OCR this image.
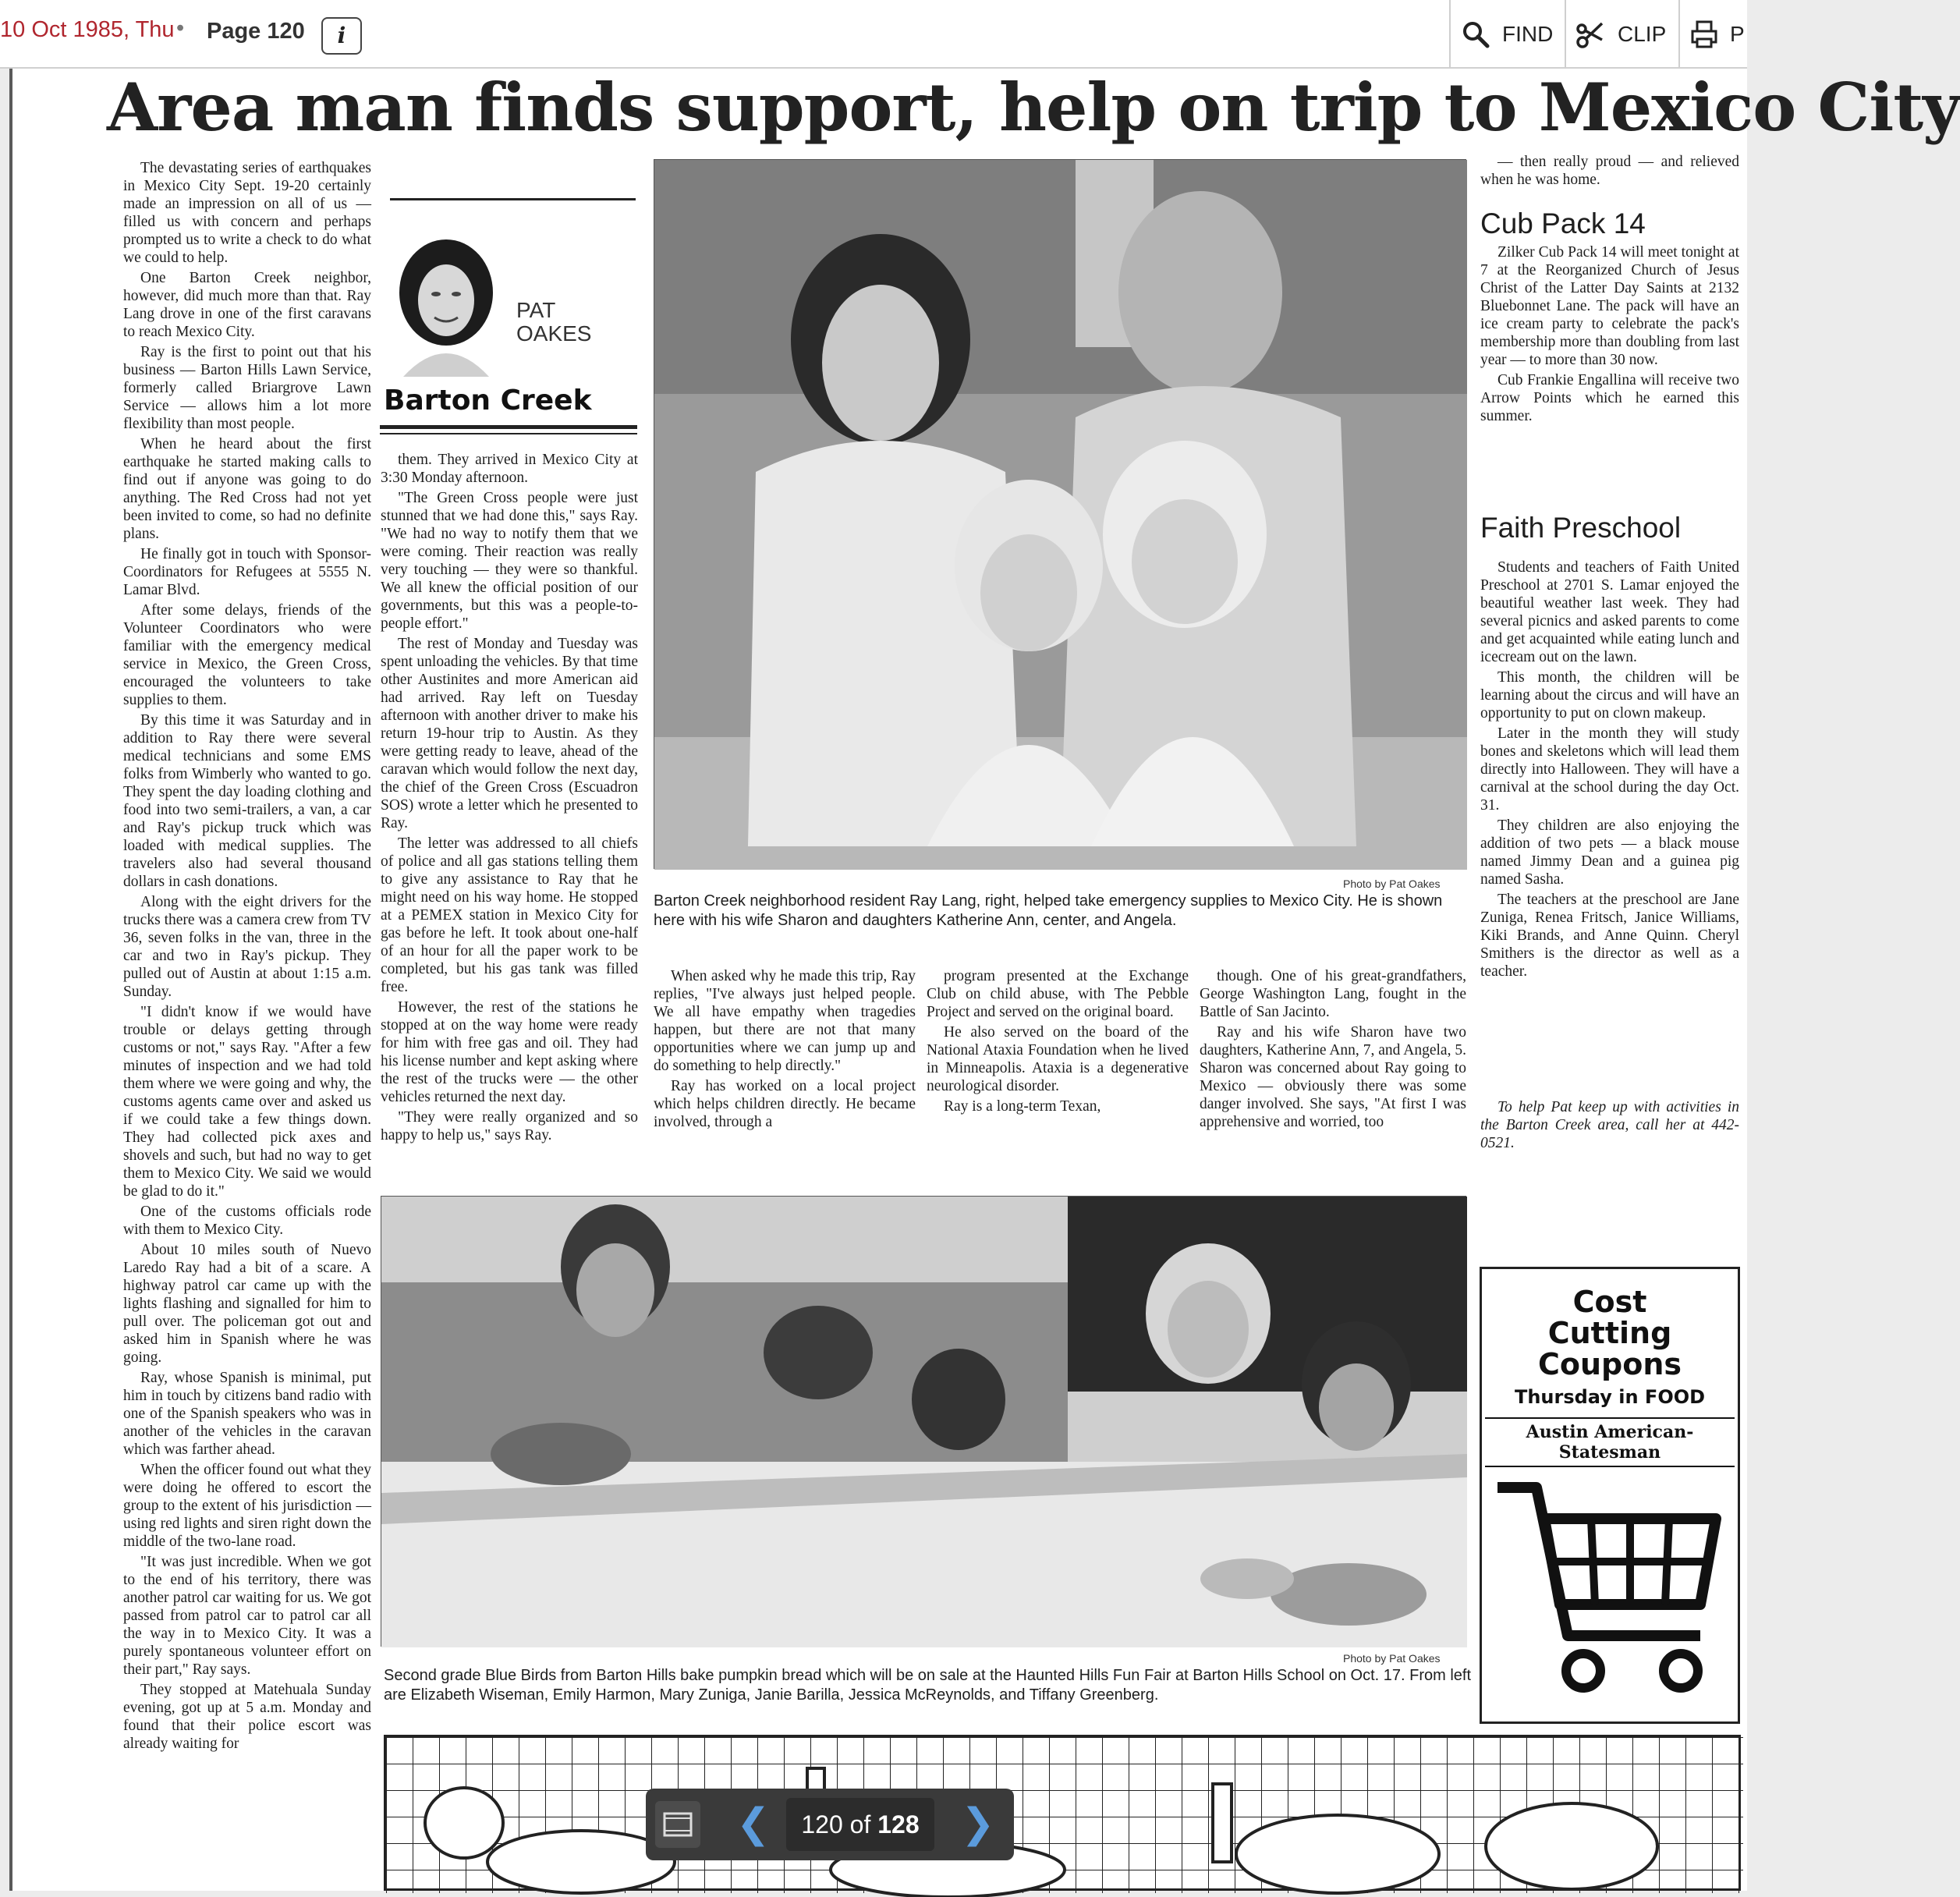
10 Oct 1985, Thu • Page 120	i	FIND	CLIP	P
Area man finds support, help on trip to Mexico City

The devastating series of earthquakes in Mexico City Sept. 19-20 certainly made an impression on all of us — filled us with concern and perhaps prompted us to write a check to do what we could to help.

One Barton Creek neighbor, however, did much more than that. Ray Lang drove in one of the first caravans to reach Mexico City.

Ray is the first to point out that his business — Barton Hills Lawn Service, formerly called Briargrove Lawn Service — allows him a lot more flexibility than most people.

When he heard about the first earthquake he started making calls to find out if anyone was going to do anything. The Red Cross had not yet been invited to come, so had no definite plans.

He finally got in touch with Sponsor-Coordinators for Refugees at 5555 N. Lamar Blvd.

After some delays, friends of the Volunteer Coordinators who were familiar with the emergency medical service in Mexico, the Green Cross, encouraged the volunteers to take supplies to them.

By this time it was Saturday and in addition to Ray there were several medical technicians and some EMS folks from Wimberly who wanted to go. They spent the day loading clothing and food into two semi-trailers, a van, a car and Ray's pickup truck which was loaded with medical supplies. The travelers also had several thousand dollars in cash donations.

Along with the eight drivers for the trucks there was a camera crew from TV 36, seven folks in the van, three in the car and two in Ray's pickup. They pulled out of Austin at about 1:15 a.m. Sunday.

"I didn't know if we would have trouble or delays getting through customs or not," says Ray. "After a few minutes of inspection and we had told them where we were going and why, the customs agents came over and asked us if we could take a few things down. They had collected pick axes and shovels and such, but had no way to get them to Mexico City. We said we would be glad to do it."

One of the customs officials rode with them to Mexico City.

About 10 miles south of Nuevo Laredo Ray had a bit of a scare. A highway patrol car came up with the lights flashing and signalled for him to pull over. The policeman got out and asked him in Spanish where he was going.

Ray, whose Spanish is minimal, put him in touch by citizens band radio with one of the Spanish speakers who was in another of the vehicles in the caravan which was farther ahead.

When the officer found out what they were doing he offered to escort the group to the extent of his jurisdiction — using red lights and siren right down the middle of the two-lane road.

"It was just incredible. When we got to the end of his territory, there was another patrol car waiting for us. We got passed from patrol car to patrol car all the way in to Mexico City. It was a purely spontaneous volunteer effort on their part," Ray says.

They stopped at Matehuala Sunday evening, got up at 5 a.m. Monday and found that their police escort was already waiting for

PAT OAKES
Barton Creek

them. They arrived in Mexico City at 3:30 Monday afternoon.

"The Green Cross people were just stunned that we had done this," says Ray. "We had no way to notify them that we were coming. Their reaction was really very touching — they were so thankful. We all knew the official position of our governments, but this was a people-to-people effort."

The rest of Monday and Tuesday was spent unloading the vehicles. By that time other Austinites and more American aid had arrived. Ray left on Tuesday afternoon with another driver to make his return 19-hour trip to Austin. As they were getting ready to leave, ahead of the caravan which would follow the next day, the chief of the Green Cross (Escuadron SOS) wrote a letter which he presented to Ray.

The letter was addressed to all chiefs of police and all gas stations telling them to give any assistance to Ray that he might need on his way home. He stopped at a PEMEX station in Mexico City for gas before he left. It took about one-half of an hour for all the paper work to be completed, but his gas tank was filled free.

However, the rest of the stations he stopped at on the way home were ready for him with free gas and oil. They had his license number and kept asking where the rest of the trucks were — the other vehicles returned the next day.

"They were really organized and so happy to help us," says Ray.

Photo by Pat Oakes
Barton Creek neighborhood resident Ray Lang, right, helped take emergency supplies to Mexico City. He is shown here with his wife Sharon and daughters Katherine Ann, center, and Angela.

When asked why he made this trip, Ray replies, "I've always just helped people. We all have empathy when tragedies happen, but there are not that many opportunities where we can jump up and do something to help directly."

Ray has worked on a local project which helps children directly. He became involved, through a

program presented at the Exchange Club on child abuse, with The Pebble Project and served on the original board.

He also served on the board of the National Ataxia Foundation when he lived in Minneapolis. Ataxia is a degenerative neurological disorder.

Ray is a long-term Texan,

though. One of his great-grandfathers, George Washington Lang, fought in the Battle of San Jacinto.

Ray and his wife Sharon have two daughters, Katherine Ann, 7, and Angela, 5. Sharon was concerned about Ray going to Mexico — obviously there was some danger involved. She says, "At first I was apprehensive and worried, too

Photo by Pat Oakes
Second grade Blue Birds from Barton Hills bake pumpkin bread which will be on sale at the Haunted Hills Fun Fair at Barton Hills School on Oct. 17. From left are Elizabeth Wiseman, Emily Harmon, Mary Zuniga, Janie Barilla, Jessica McReynolds, and Tiffany Greenberg.

— then really proud — and relieved when he was home.

Cub Pack 14

Zilker Cub Pack 14 will meet tonight at 7 at the Reorganized Church of Jesus Christ of the Latter Day Saints at 2132 Bluebonnet Lane. The pack will have an ice cream party to celebrate the pack's membership more than doubling from last year — to more than 30 now.

Cub Frankie Engallina will receive two Arrow Points which he earned this summer.

Faith Preschool

Students and teachers of Faith United Preschool at 2701 S. Lamar enjoyed the beautiful weather last week. They had several picnics and asked parents to come and get acquainted while eating lunch and icecream out on the lawn.

This month, the children will be learning about the circus and will have an opportunity to put on clown makeup.

Later in the month they will study bones and skeletons which will lead them directly into Halloween. They will have a carnival at the school during the day Oct. 31.

They children are also enjoying the addition of two pets — a black mouse named Jimmy Dean and a guinea pig named Sasha.

The teachers at the preschool are Jane Zuniga, Renea Fritsch, Janice Williams, Kiki Brands, and Anne Quinn. Cheryl Smithers is the director as well as a teacher.

To help Pat keep up with activities in the Barton Creek area, call her at 442-0521.

Cost
Cutting
Coupons
Thursday in FOOD
Austin American-Statesman
❮	120 of 128	❯
